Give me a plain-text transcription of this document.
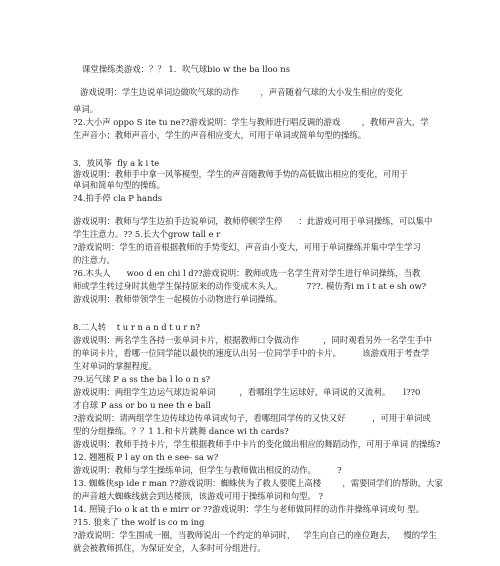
课堂操练类游戏：？？ 1．吹气球bio w the ba lloo ns
游戏说明：学生边说单词边做吹气球的动作        ，声音随着气球的大小发生相应的变化
单词。
?2.大小声 oppo S ite tu ne??游戏说明：学生与教师进行唱反调的游戏        ，教师声音大，学
生声音小；教师声音小，学生的声音相应变大，可用于单词或简单句型的操练。
3．放风筝  fly a k i te
游戏说明：教师手中拿一风筝模型，学生的声音随教师手势的高低做出相应的变化，可用于
单词和简单句型的操练。
?4.拍手停 cla P hands
游戏说明：教师与学生边拍手边说单词，教师停顿学生停      ：此游戏可用于单词操练，可以集中
学生注意力。?? 5.长大个grow tall e r
?游戏说明：学生的语音根据教师的手势变幻，声音由小变大，可用于单词操练并集中学生学习
的注意力。
?6.木头人      woo d en chi l d??游戏说明：教师或选一名学生背对学生进行单词操练，当教
师或学生转过身时其他学生保持原来的动作变成木头人。         7??. 模仿秀i m i t at e sh ow?
游戏说明：教师带领学生一起模仿小动物进行单词操练。
8.二人转    t u r n a n d t u r n?
游戏说明：两名学生各持一张单词卡片，根据教师口令做动作         ，同时观看另外一名学生手中
的单词卡片，看哪一位同学能以最快的速度认出另一位同学手中的卡片。        该游戏用于考查学
生对单词的掌握程度。
?9.运气球 P a ss the ba l lo o n s?
游戏说明：两组学生边运气球边说单词         ，看哪组学生运球好，单词说的又流利。     l??0
才自球 P ass or bo u nee th e ball
?游戏说明：请两组学生边传球边传单词或句子，看哪组同学传的又快又好          ，可用于单词或
型的分组操练。？？1 1.和卡片跳舞 dance wi th cards?
游戏说明：教师手持卡片，学生根据教师手中卡片的变化做出相应的舞蹈动作，可用于单词 的操练?
12. 翘翘板 P l ay on th e see- sa w?
游戏说明：教师与学生操练单词，但学生与教师做出相反的动作。        ?
13. 蜘蛛侠sp ide r man ??游戏说明：蜘蛛侠为了救人要爬上高楼        ，需要同学们的帮助，大家
的声音越大蜘蛛线就会到达楼顶，该游戏可用于操练单词和句型。 ?
14. 照镜子lo o k at th e mirr or ??游戏说明：学生与老师做同样的动作并操练单词或句 型。
?15. 狼来了 the wolf is co m ing
?游戏说明：学生围成一圈，当教师说出一个约定的单词时，   学生向自己的座位跑去，   慢的学生
就会被教师抓住，为保证安全，人多时可分组进行。
